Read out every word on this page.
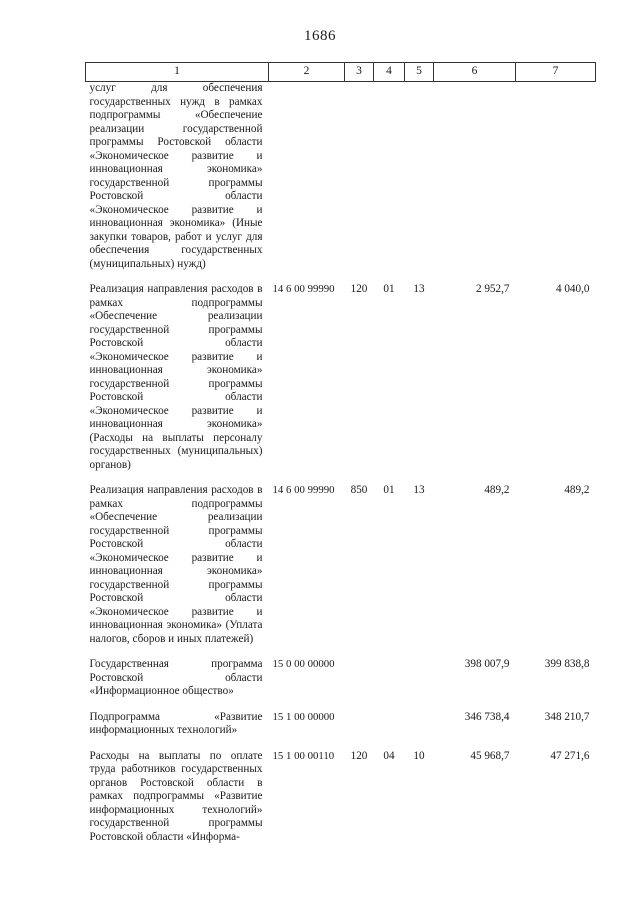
1686
1	2	3	4	5	6	7
услуг для обеспечения государственных нужд в рамках подпрограммы «Обеспечение реализации государственной программы Ростовской области «Экономическое развитие и инновационная экономика» государственной программы Ростовской области «Экономическое развитие и инновационная экономика» (Иные закупки товаров, работ и услуг для обеспечения государственных (муниципальных) нужд)						
Реализация направления расходов в рамках подпрограммы «Обеспечение реализации государственной программы Ростовской области «Экономическое развитие и инновационная экономика» государственной программы Ростовской области «Экономическое развитие и инновационная экономика» (Расходы на выплаты персоналу государственных (муниципальных) органов)	14 6 00 99990	120	01	13	2 952,7	4 040,0
Реализация направления расходов в рамках подпрограммы «Обеспечение реализации государственной программы Ростовской области «Экономическое развитие и инновационная экономика» государственной программы Ростовской области «Экономическое развитие и инновационная экономика» (Уплата налогов, сборов и иных платежей)	14 6 00 99990	850	01	13	489,2	489,2
Государственная программа Ростовской области «Информационное общество»	15 0 00 00000				398 007,9	399 838,8
Подпрограмма «Развитие информационных технологий»	15 1 00 00000				346 738,4	348 210,7
Расходы на выплаты по оплате труда работников государственных органов Ростовской области в рамках подпрограммы «Развитие информационных технологий» государственной программы Ростовской области «Информа-	15 1 00 00110	120	04	10	45 968,7	47 271,6
